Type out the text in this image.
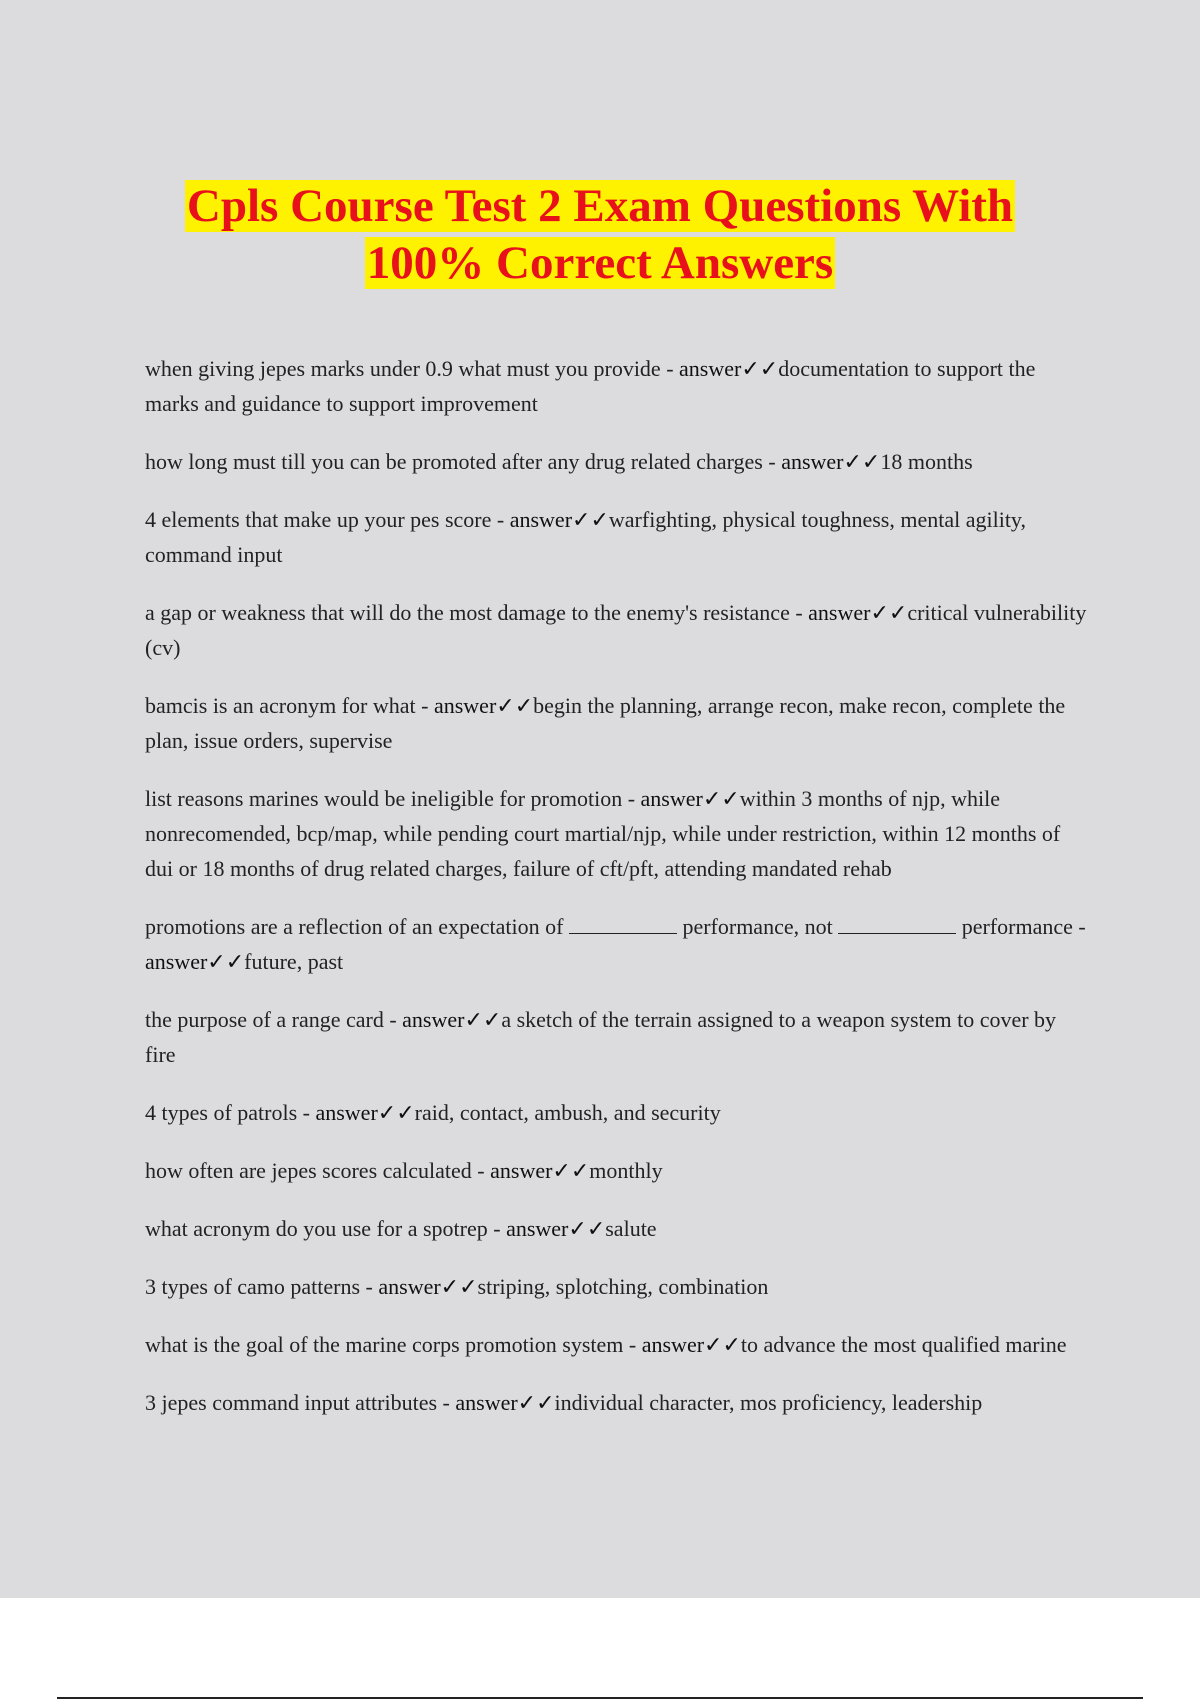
Cpls Course Test 2 Exam Questions With
100% Correct Answers

when giving jepes marks under 0.9 what must you provide - answer✓✓documentation to support the marks and guidance to support improvement

how long must till you can be promoted after any drug related charges - answer✓✓18 months

4 elements that make up your pes score - answer✓✓warfighting, physical toughness, mental agility, command input

a gap or weakness that will do the most damage to the enemy's resistance - answer✓✓critical vulnerability (cv)

bamcis is an acronym for what - answer✓✓begin the planning, arrange recon, make recon, complete the plan, issue orders, supervise

list reasons marines would be ineligible for promotion - answer✓✓within 3 months of njp, while nonrecomended, bcp/map, while pending court martial/njp, while under restriction, within 12 months of dui or 18 months of drug related charges, failure of cft/pft, attending mandated rehab

promotions are a reflection of an expectation of	performance, not	performance - answer✓✓future, past

the purpose of a range card - answer✓✓a sketch of the terrain assigned to a weapon system to cover by fire

4 types of patrols - answer✓✓raid, contact, ambush, and security

how often are jepes scores calculated - answer✓✓monthly

what acronym do you use for a spotrep - answer✓✓salute

3 types of camo patterns - answer✓✓striping, splotching, combination

what is the goal of the marine corps promotion system - answer✓✓to advance the most qualified marine

3 jepes command input attributes - answer✓✓individual character, mos proficiency, leadership
